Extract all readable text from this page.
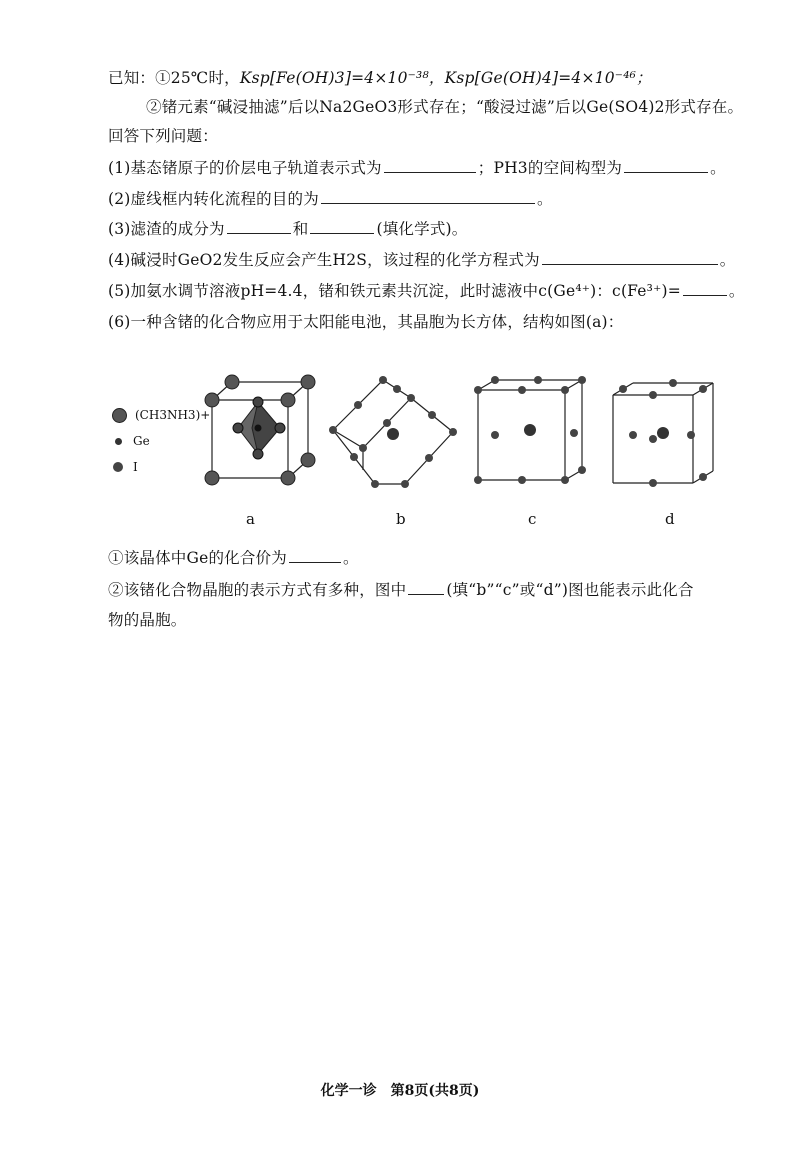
已知：①25℃时，Ksp[Fe(OH)3]=4×10⁻³⁸，Ksp[Ge(OH)4]=4×10⁻⁴⁶；
②锗元素“碱浸抽滤”后以Na2GeO3形式存在；“酸浸过滤”后以Ge(SO4)2形式存在。
回答下列问题：
(1)基态锗原子的价层电子轨道表示式为	；PH3的空间构型为	。
(2)虚线框内转化流程的目的为	。
(3)滤渣的成分为	和	(填化学式)。
(4)碱浸时GeO2发生反应会产生H2S，该过程的化学方程式为	。
(5)加氨水调节溶液pH=4.4，锗和铁元素共沉淀，此时滤液中c(Ge⁴⁺)：c(Fe³⁺)=	。
(6)一种含锗的化合物应用于太阳能电池，其晶胞为长方体，结构如图(a)：
(CH3NH3)+
Ge
I
a	b	c	d
①该晶体中Ge的化合价为	。
②该锗化合物晶胞的表示方式有多种，图中	(填“b”“c”或“d”)图也能表示此化合
物的晶胞。
化学一诊　第8页(共8页)
